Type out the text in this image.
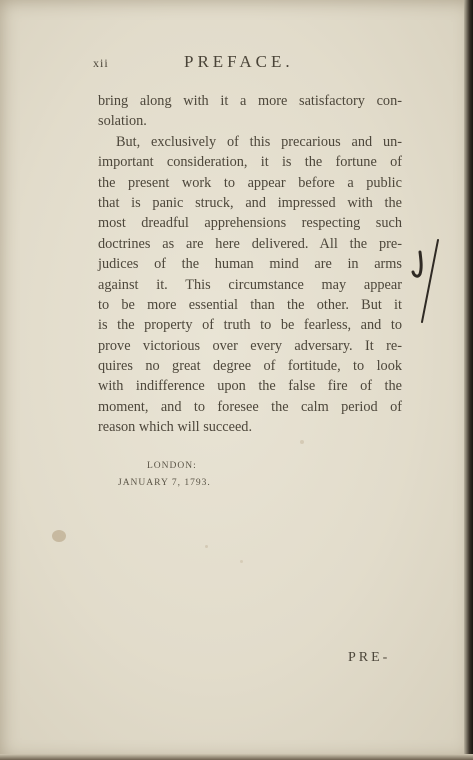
xii	PREFACE.
bring along with it a more satisfactory con-
solation.
But, exclusively of this precarious and un-
important consideration, it is the fortune of
the present work to appear before a public
that is panic struck, and impressed with the
most dreadful apprehensions respecting such
doctrines as are here delivered. All the pre-
judices of the human mind are in arms
against it. This circumstance may appear
to be more essential than the other. But it
is the property of truth to be fearless, and to
prove victorious over every adversary. It re-
quires no great degree of fortitude, to look
with indifference upon the false fire of the
moment, and to foresee the calm period of
reason which will succeed.
LONDON:
JANUARY 7, 1793.
PRE-
